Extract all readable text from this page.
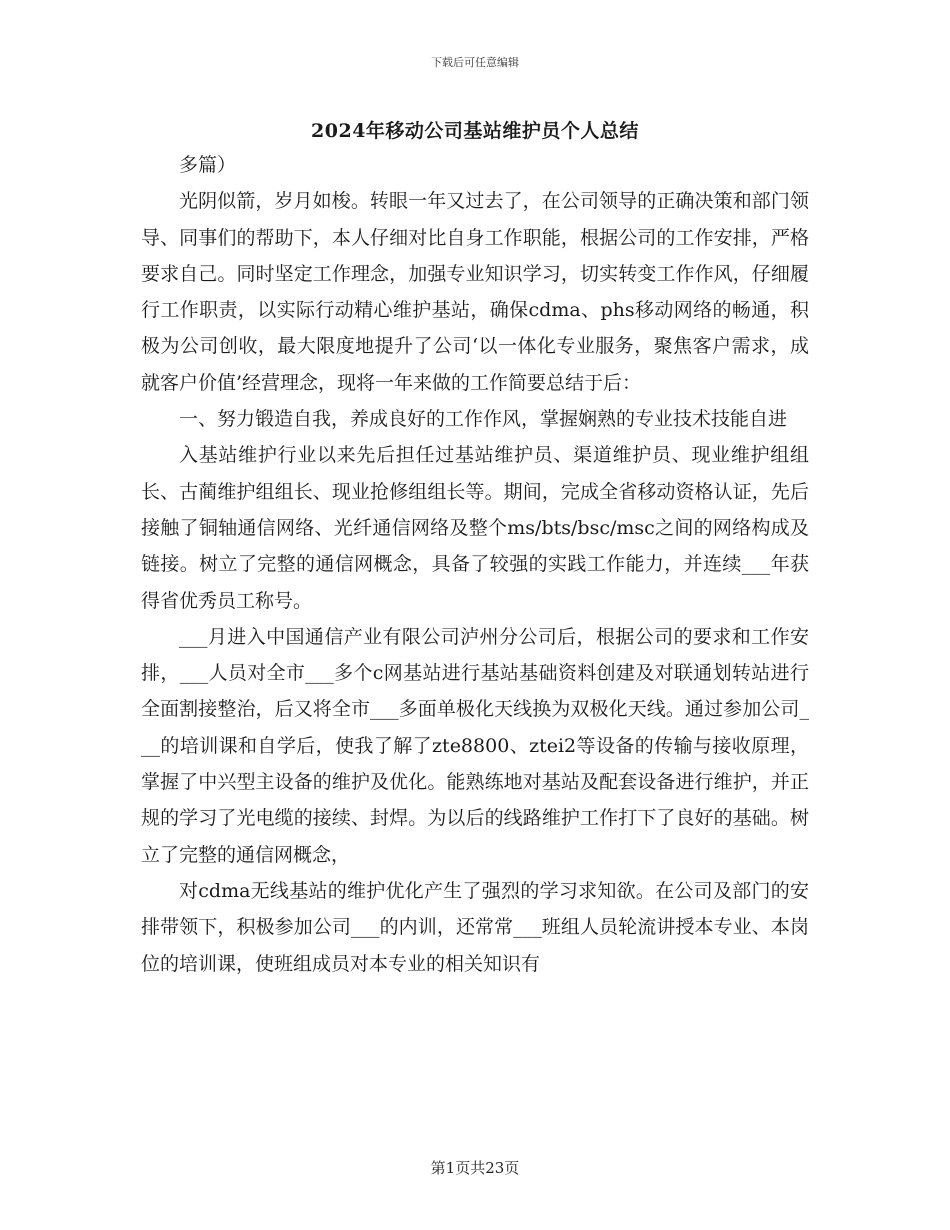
下载后可任意编辑
2024年移动公司基站维护员个人总结

多篇）

光阴似箭，岁月如梭。转眼一年又过去了，在公司领导的正确决策和部门领导、同事们的帮助下，本人仔细对比自身工作职能，根据公司的工作安排，严格要求自己。同时坚定工作理念，加强专业知识学习，切实转变工作作风，仔细履行工作职责，以实际行动精心维护基站，确保cdma、phs移动网络的畅通，积极为公司创收，最大限度地提升了公司‘以一体化专业服务，聚焦客户需求，成就客户价值’经营理念，现将一年来做的工作简要总结于后：

一、努力锻造自我，养成良好的工作作风，掌握娴熟的专业技术技能自进

入基站维护行业以来先后担任过基站维护员、渠道维护员、现业维护组组长、古蔺维护组组长、现业抢修组组长等。期间，完成全省移动资格认证，先后接触了铜轴通信网络、光纤通信网络及整个ms/bts/bsc/msc之间的网络构成及链接。树立了完整的通信网概念，具备了较强的实践工作能力，并连续___年获得省优秀员工称号。

___月进入中国通信产业有限公司泸州分公司后，根据公司的要求和工作安排，___人员对全市___多个c网基站进行基站基础资料创建及对联通划转站进行全面割接整治，后又将全市___多面单极化天线换为双极化天线。通过参加公司___的培训课和自学后，使我了解了zte8800、ztei2等设备的传输与接收原理，掌握了中兴型主设备的维护及优化。能熟练地对基站及配套设备进行维护，并正规的学习了光电缆的接续、封焊。为以后的线路维护工作打下了良好的基础。树立了完整的通信网概念，

对cdma无线基站的维护优化产生了强烈的学习求知欲。在公司及部门的安排带领下，积极参加公司___的内训，还常常___班组人员轮流讲授本专业、本岗位的培训课，使班组成员对本专业的相关知识有

第1页共23页
